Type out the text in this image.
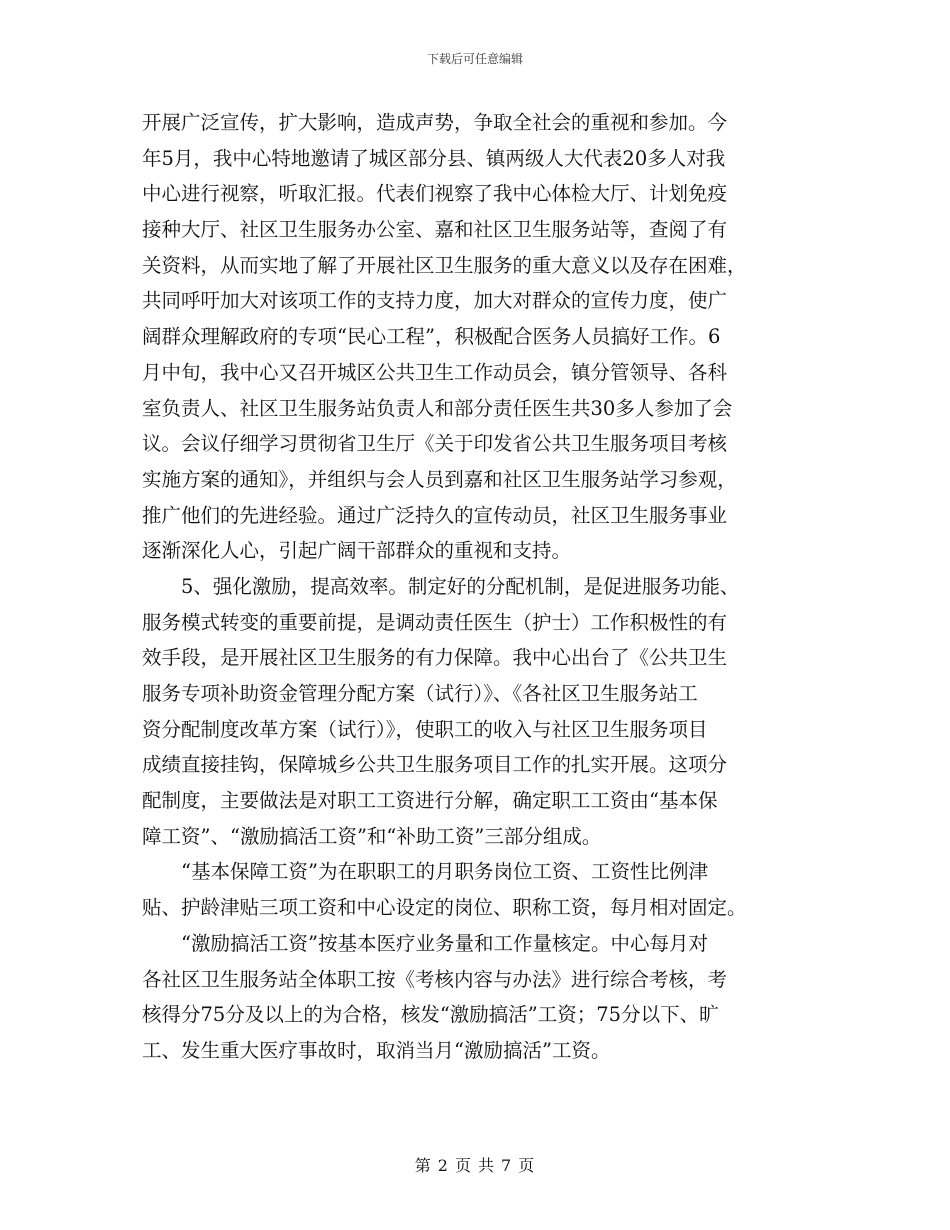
下载后可任意编辑
开展广泛宣传，扩大影响，造成声势，争取全社会的重视和参加。今
年5月，我中心特地邀请了城区部分县、镇两级人大代表20多人对我
中心进行视察，听取汇报。代表们视察了我中心体检大厅、计划免疫
接种大厅、社区卫生服务办公室、嘉和社区卫生服务站等，查阅了有
关资料，从而实地了解了开展社区卫生服务的重大意义以及存在困难，
共同呼吁加大对该项工作的支持力度，加大对群众的宣传力度，使广
阔群众理解政府的专项“民心工程”，积极配合医务人员搞好工作。6
月中旬，我中心又召开城区公共卫生工作动员会，镇分管领导、各科
室负责人、社区卫生服务站负责人和部分责任医生共30多人参加了会
议。会议仔细学习贯彻省卫生厅《关于印发省公共卫生服务项目考核
实施方案的通知》，并组织与会人员到嘉和社区卫生服务站学习参观，
推广他们的先进经验。通过广泛持久的宣传动员，社区卫生服务事业
逐渐深化人心，引起广阔干部群众的重视和支持。
　　5、强化激励，提高效率。制定好的分配机制，是促进服务功能、
服务模式转变的重要前提，是调动责任医生（护士）工作积极性的有
效手段，是开展社区卫生服务的有力保障。我中心出台了《公共卫生
服务专项补助资金管理分配方案（试行）》、《各社区卫生服务站工
资分配制度改革方案（试行）》，使职工的收入与社区卫生服务项目
成绩直接挂钩，保障城乡公共卫生服务项目工作的扎实开展。这项分
配制度，主要做法是对职工工资进行分解，确定职工工资由“基本保
障工资”、“激励搞活工资”和“补助工资”三部分组成。
　　“基本保障工资”为在职职工的月职务岗位工资、工资性比例津
贴、护龄津贴三项工资和中心设定的岗位、职称工资，每月相对固定。
　　“激励搞活工资”按基本医疗业务量和工作量核定。中心每月对
各社区卫生服务站全体职工按《考核内容与办法》进行综合考核，考
核得分75分及以上的为合格，核发“激励搞活”工资；75分以下、旷
工、发生重大医疗事故时，取消当月“激励搞活”工资。
第 2 页 共 7 页
